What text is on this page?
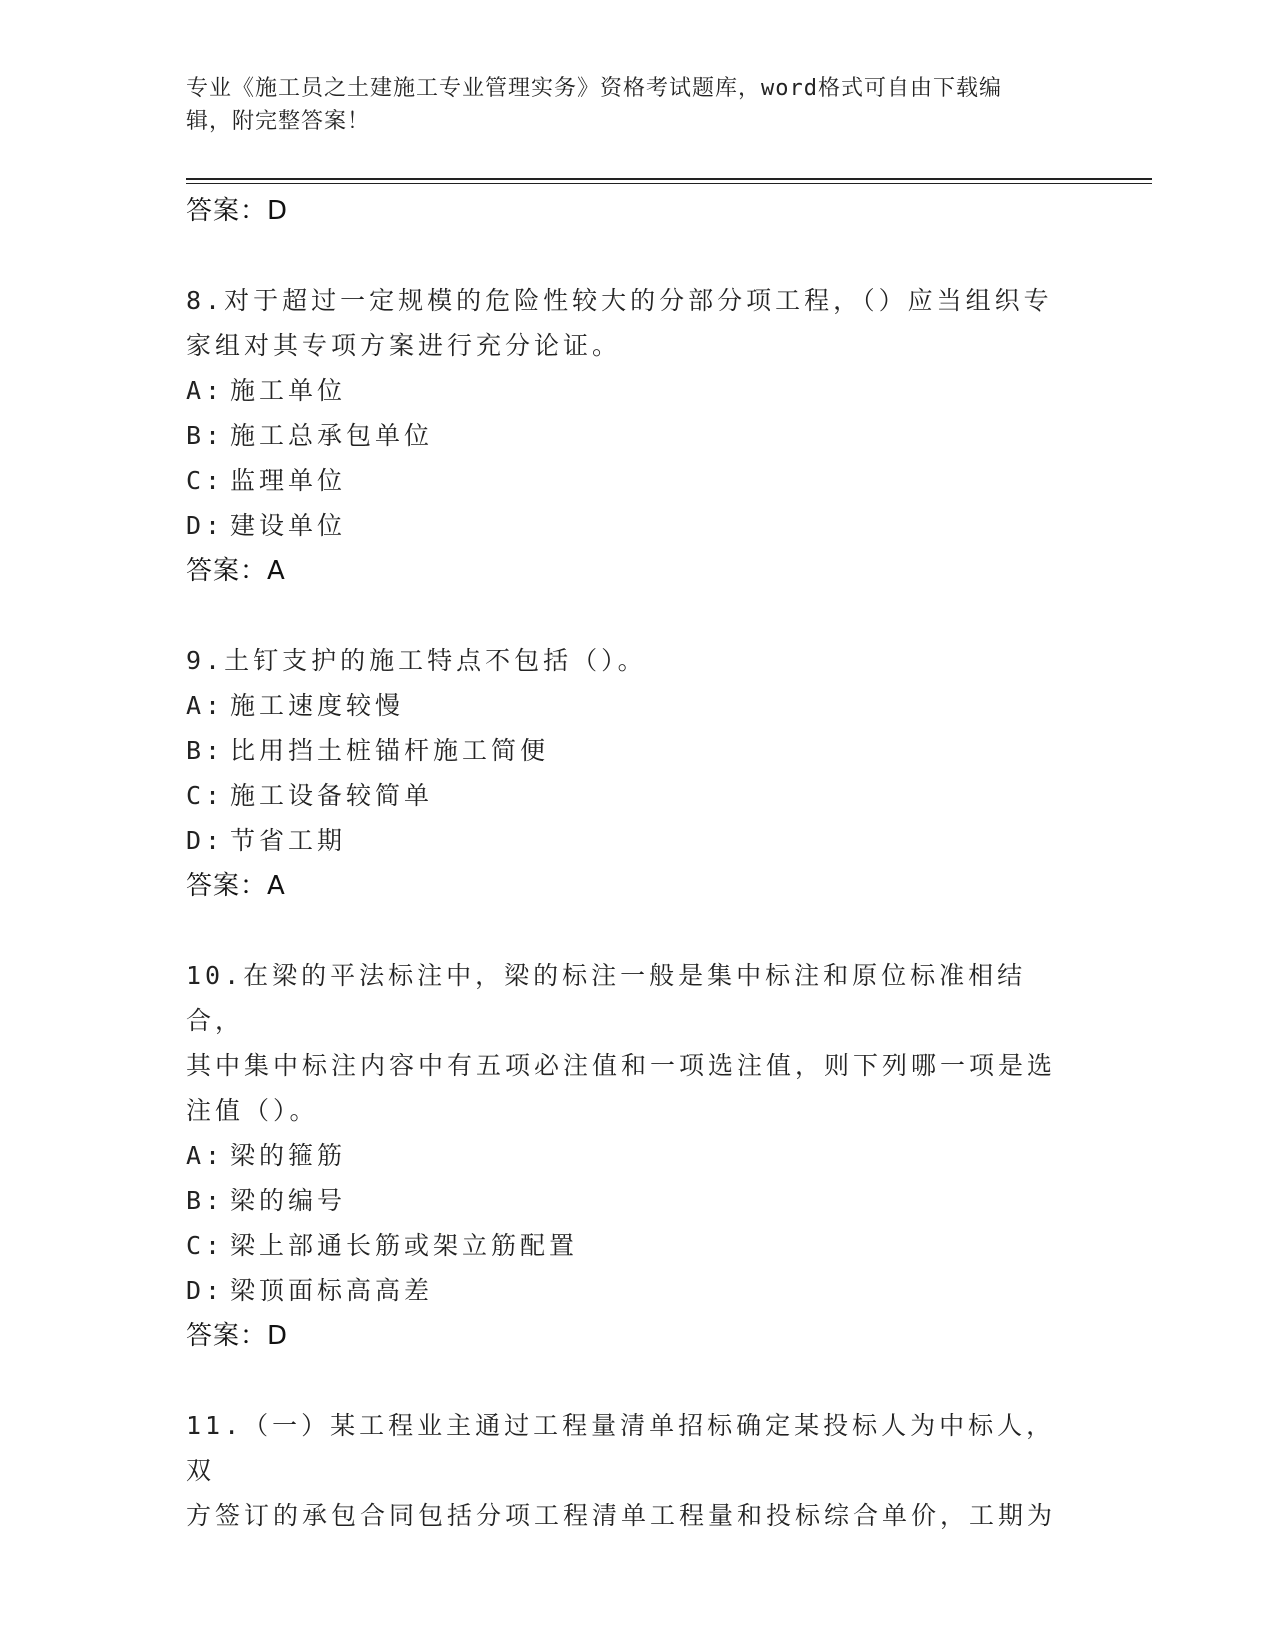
专业《施工员之土建施工专业管理实务》资格考试题库，word格式可自由下载编
辑，附完整答案！
答案：D
8.对于超过一定规模的危险性较大的分部分项工程，（）应当组织专
家组对其专项方案进行充分论证。
A: 施工单位
B: 施工总承包单位
C: 监理单位
D: 建设单位
答案：A
9.土钉支护的施工特点不包括（）。
A: 施工速度较慢
B: 比用挡土桩锚杆施工简便
C: 施工设备较简单
D: 节省工期
答案：A
10.在梁的平法标注中，梁的标注一般是集中标注和原位标准相结合，
其中集中标注内容中有五项必注值和一项选注值，则下列哪一项是选
注值（）。
A: 梁的箍筋
B: 梁的编号
C: 梁上部通长筋或架立筋配置
D: 梁顶面标高高差
答案：D
11.（一）某工程业主通过工程量清单招标确定某投标人为中标人，双
方签订的承包合同包括分项工程清单工程量和投标综合单价，工期为
